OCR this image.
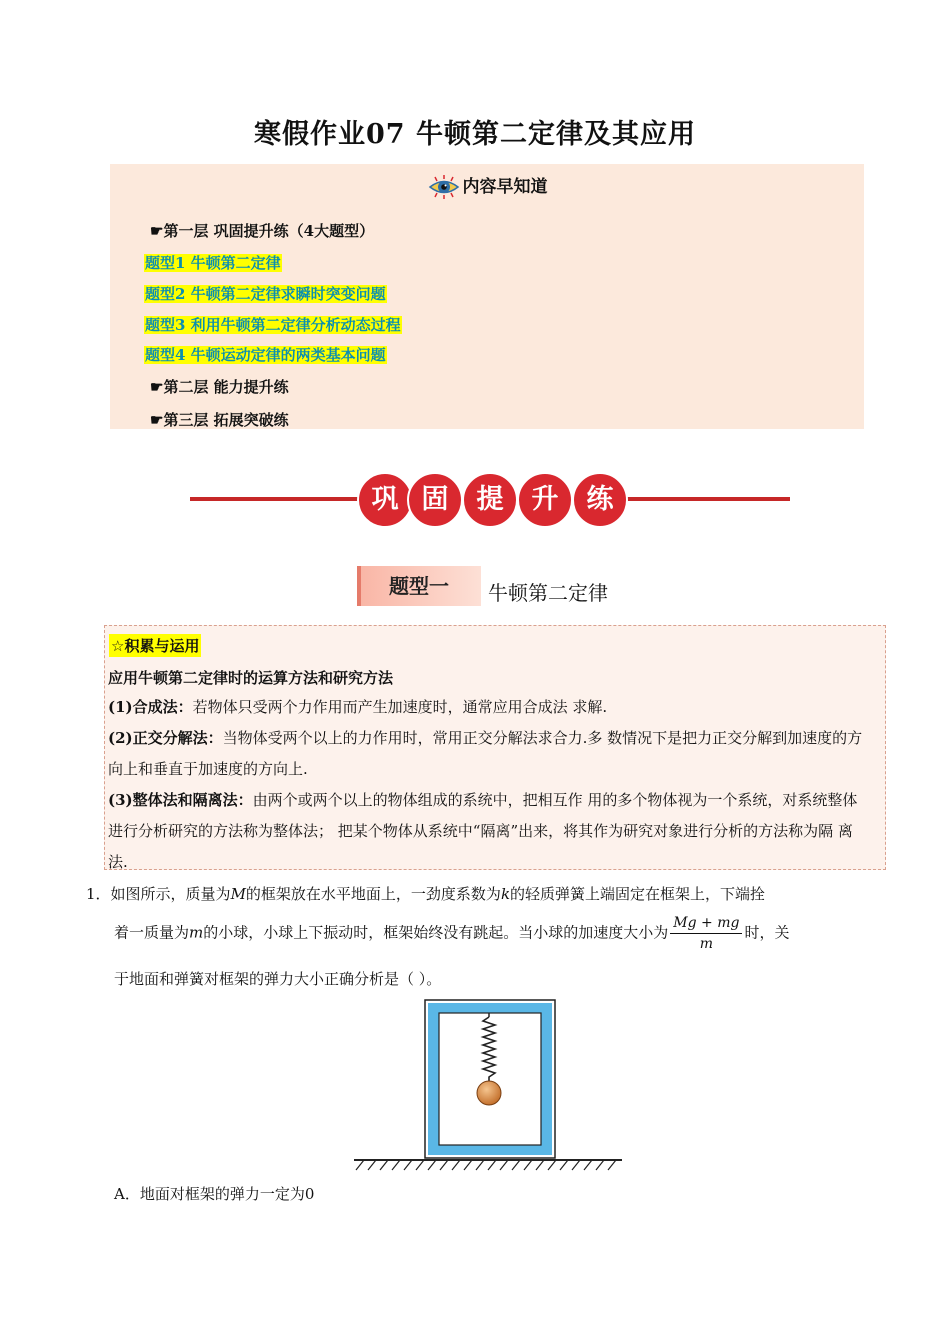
寒假作业07 牛顿第二定律及其应用
内容早知道
☛第一层 巩固提升练（4大题型）
题型1 牛顿第二定律
题型2 牛顿第二定律求瞬时突变问题
题型3 利用牛顿第二定律分析动态过程
题型4 牛顿运动定律的两类基本问题
☛第二层 能力提升练
☛第三层 拓展突破练
巩 固	提	升	练
题型一	牛顿第二定律
☆积累与运用
应用牛顿第二定律时的运算方法和研究方法
(1)合成法：若物体只受两个力作用而产生加速度时，通常应用合成法 求解.
(2)正交分解法：当物体受两个以上的力作用时，常用正交分解法求合力.多 数情况下是把力正交分解到加速度的方向上和垂直于加速度的方向上.
(3)整体法和隔离法：由两个或两个以上的物体组成的系统中，把相互作 用的多个物体视为一个系统，对系统整体进行分析研究的方法称为整体法； 把某个物体从系统中“隔离”出来，将其作为研究对象进行分析的方法称为隔 离法.
1．如图所示，质量为M的框架放在水平地面上，一劲度系数为k的轻质弹簧上端固定在框架上，下端拴
着一质量为m的小球，小球上下振动时，框架始终没有跳起。当小球的加速度大小为 $\frac{Mg + mg}{m}$ 时，关
于地面和弹簧对框架的弹力大小正确分析是（ ）。
A．地面对框架的弹力一定为0
